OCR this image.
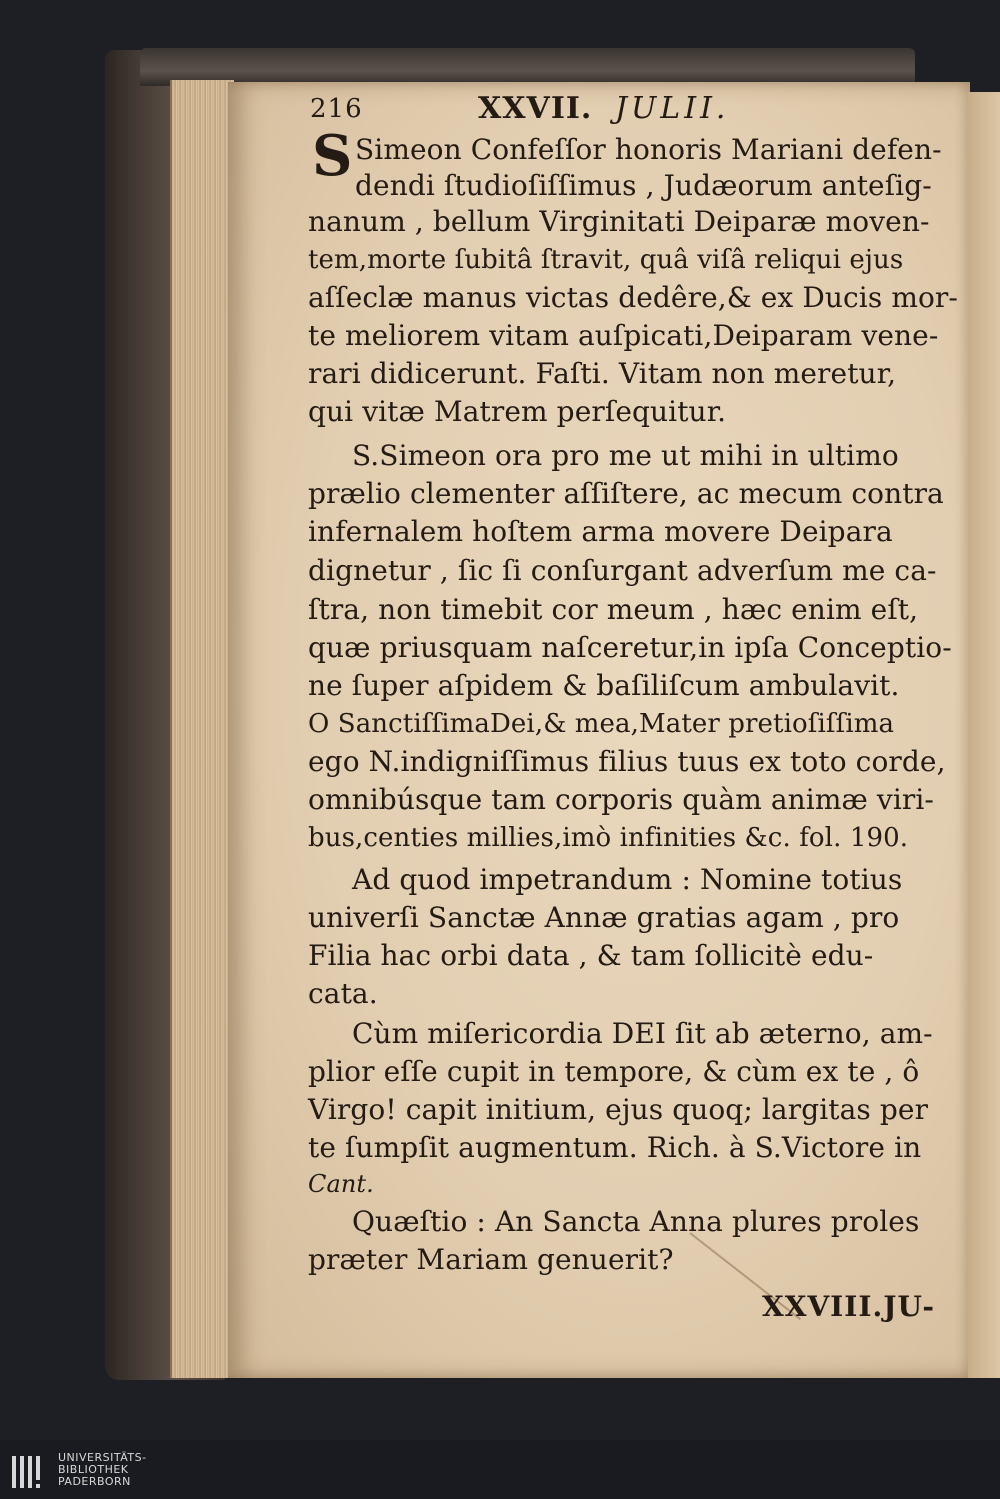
216	XXVII. JULII.
S Simeon Confeſſor honoris Mariani defen-
dendi ſtudioſiſſimus , Judæorum anteſig-
nanum , bellum Virginitati Deiparæ moven-
tem,morte ſubitâ ſtravit, quâ viſâ reliqui ejus
aſſeclæ manus victas dedêre,& ex Ducis mor-
te meliorem vitam auſpicati,Deiparam vene-
rari didicerunt. Faſti. Vitam non meretur,
qui vitæ Matrem perſequitur.
S.Simeon ora pro me ut mihi in ultimo
prælio clementer aſſiſtere, ac mecum contra
infernalem hoſtem arma movere Deipara
dignetur , ſic ſi conſurgant adverſum me ca-
ſtra, non timebit cor meum , hæc enim eſt,
quæ priusquam naſceretur,in ipſa Conceptio-
ne ſuper aſpidem & baſiliſcum ambulavit.
O SanctiſſimaDei,& mea,Mater pretioſiſſima
ego N.indigniſſimus filius tuus ex toto corde,
omnibúsque tam corporis quàm animæ viri-
bus,centies millies,imò infinities &c. fol. 190.
Ad quod impetrandum : Nomine totius
univerſi Sanctæ Annæ gratias agam , pro
Filia hac orbi data , & tam ſollicitè edu-
cata.
Cùm miſericordia DEI ſit ab æterno, am-
plior eſſe cupit in tempore, & cùm ex te , ô
Virgo! capit initium, ejus quoq; largitas per
te ſumpſit augmentum. Rich. à S.Victore in
Cant.
Quæſtio : An Sancta Anna plures proles
præter Mariam genuerit?
XXVIII.JU-
UNIVERSITÄTS-
BIBLIOTHEK
PADERBORN
